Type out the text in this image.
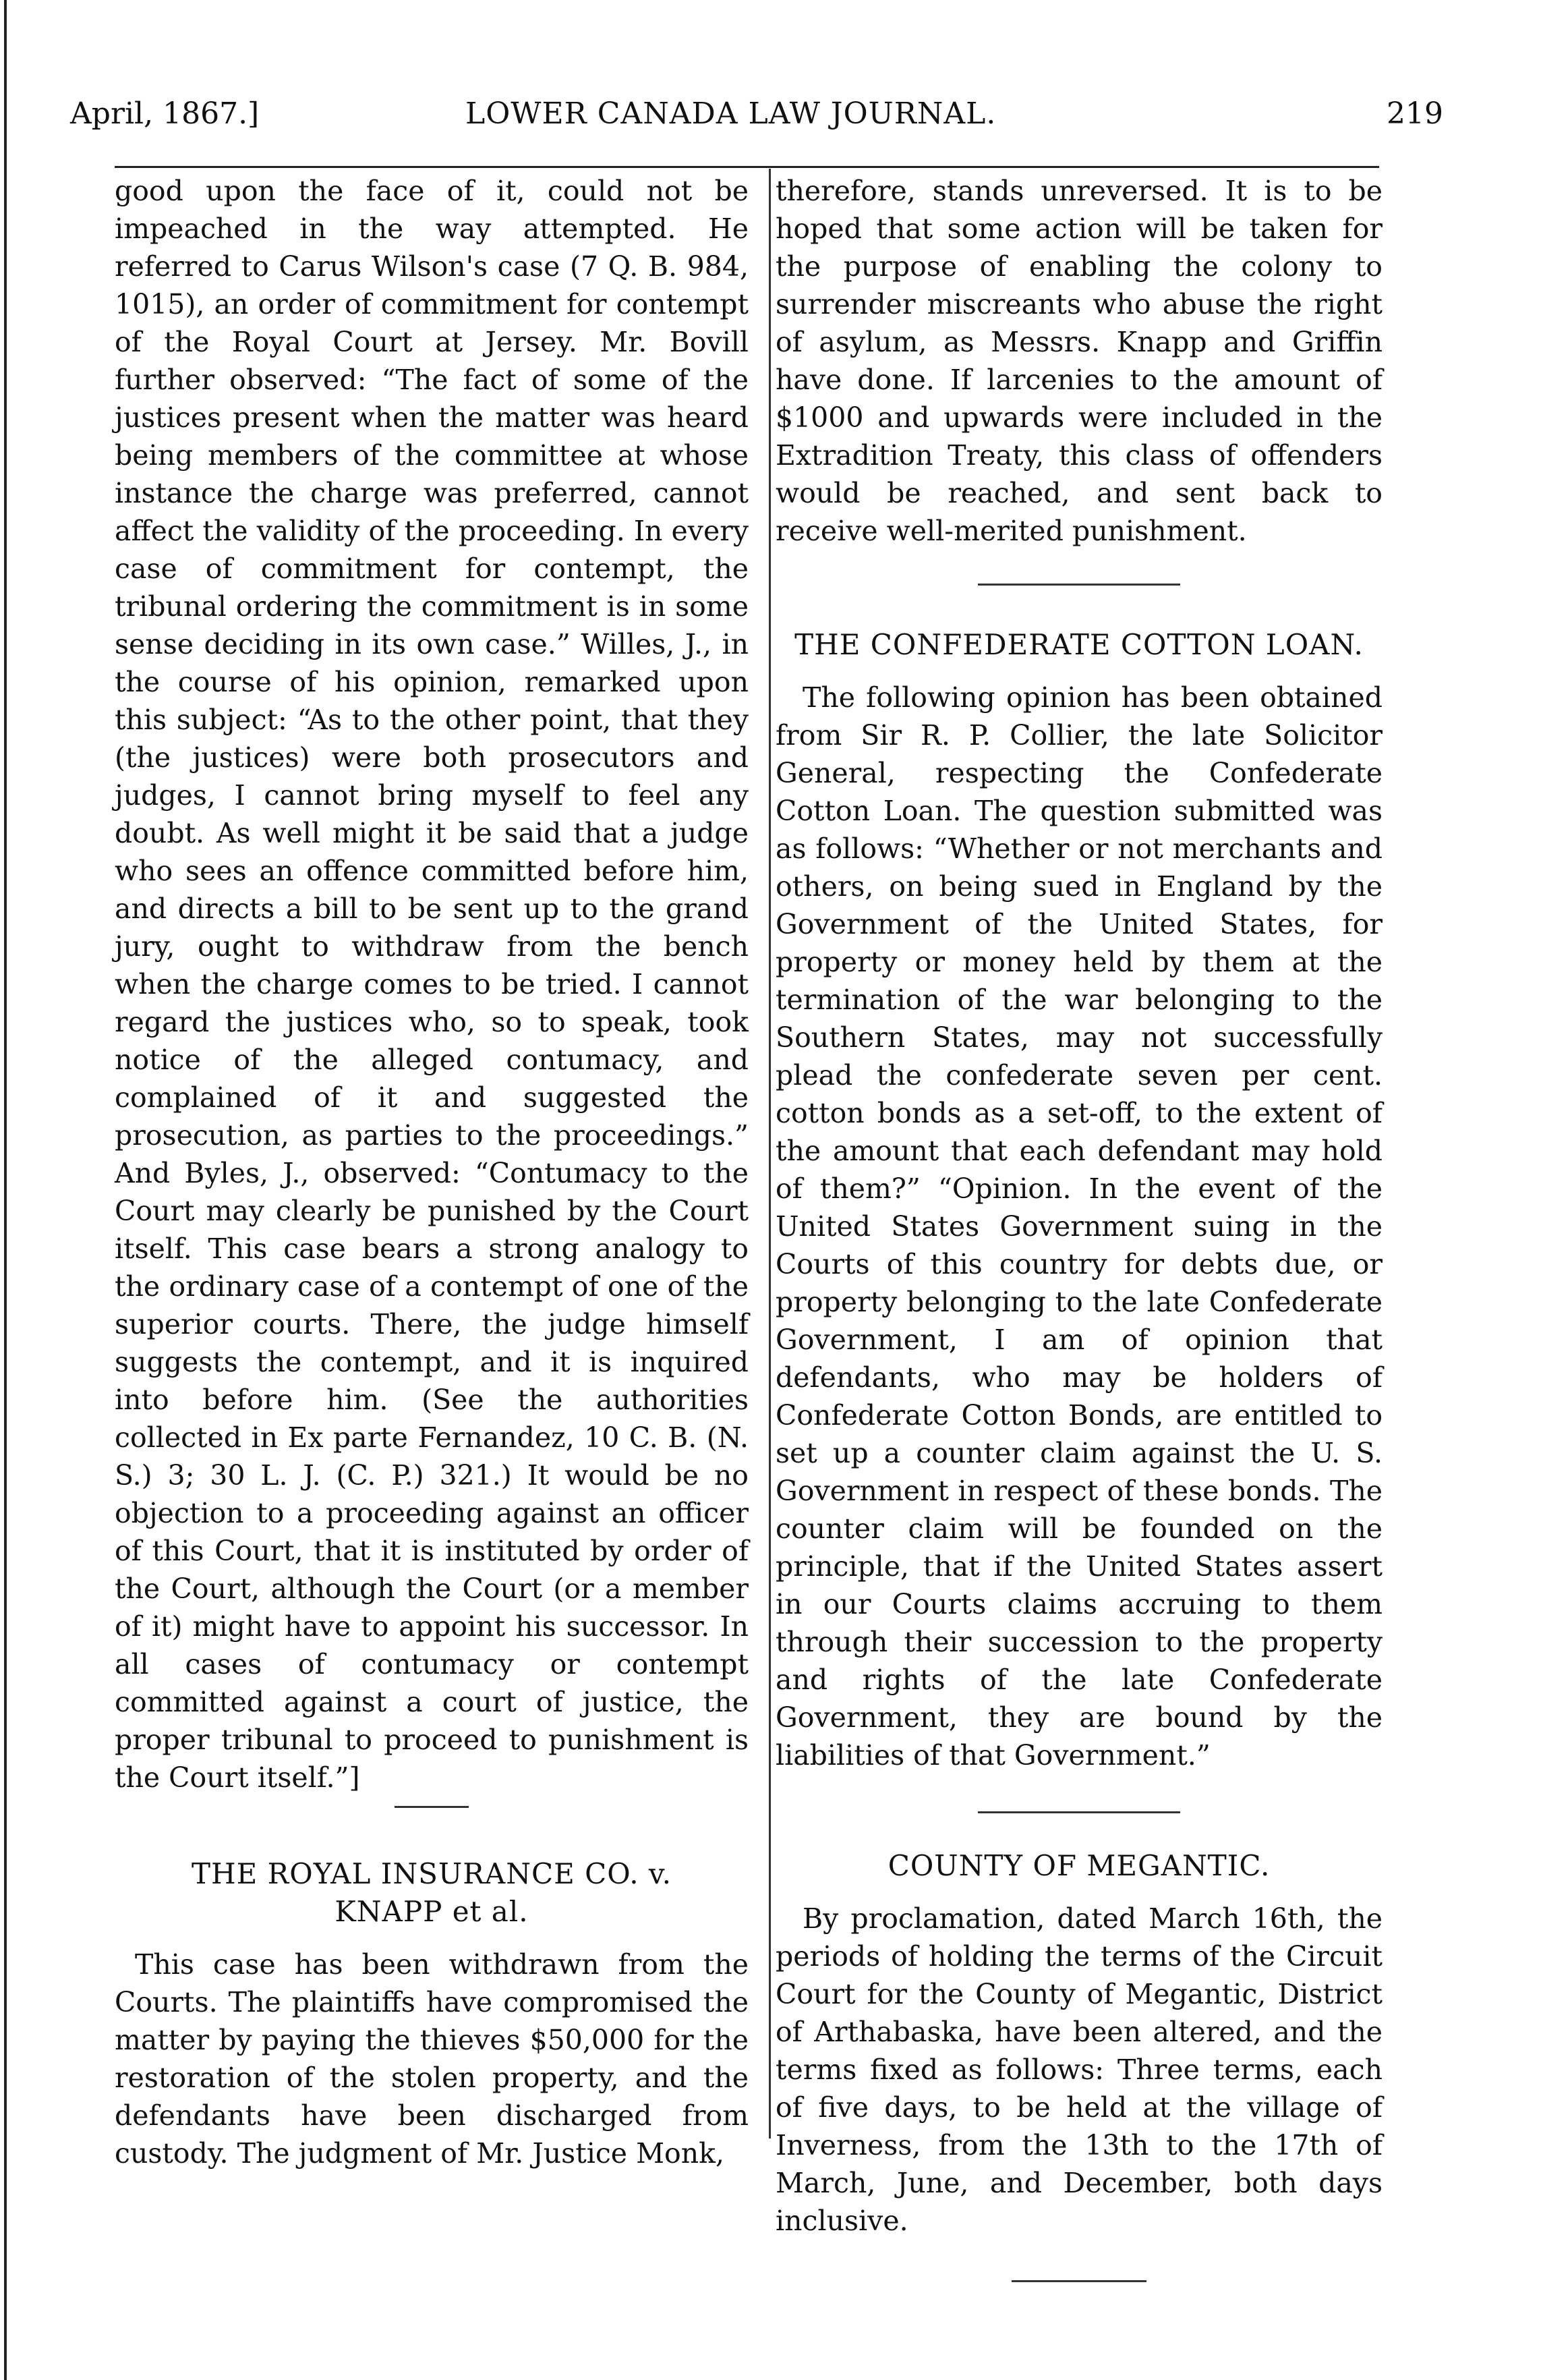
April, 1867.]	LOWER CANADA LAW JOURNAL.	219

good upon the face of it, could not be impeached in the way attempted. He referred to Carus Wilson's case (7 Q. B. 984, 1015), an order of commitment for contempt of the Royal Court at Jersey. Mr. Bovill further observed: “The fact of some of the justices present when the matter was heard being members of the committee at whose instance the charge was preferred, cannot affect the validity of the proceeding. In every case of commitment for contempt, the tribunal ordering the commitment is in some sense deciding in its own case.” Willes, J., in the course of his opinion, remarked upon this subject: “As to the other point, that they (the justices) were both prosecutors and judges, I cannot bring myself to feel any doubt. As well might it be said that a judge who sees an offence committed before him, and directs a bill to be sent up to the grand jury, ought to withdraw from the bench when the charge comes to be tried. I cannot regard the justices who, so to speak, took notice of the alleged contumacy, and complained of it and suggested the prosecution, as parties to the proceedings.” And Byles, J., observed: “Contumacy to the Court may clearly be punished by the Court itself. This case bears a strong analogy to the ordinary case of a contempt of one of the superior courts. There, the judge himself suggests the contempt, and it is inquired into before him. (See the authorities collected in Ex parte Fernandez, 10 C. B. (N. S.) 3; 30 L. J. (C. P.) 321.) It would be no objection to a proceeding against an officer of this Court, that it is instituted by order of the Court, although the Court (or a member of it) might have to appoint his successor. In all cases of contumacy or contempt committed against a court of justice, the proper tribunal to proceed to punishment is the Court itself.”]

THE ROYAL INSURANCE CO. v.
KNAPP et al.

This case has been withdrawn from the Courts. The plaintiffs have compromised the matter by paying the thieves $50,000 for the restoration of the stolen property, and the defendants have been discharged from custody. The judgment of Mr. Justice Monk,

therefore, stands unreversed. It is to be hoped that some action will be taken for the purpose of enabling the colony to surrender miscreants who abuse the right of asylum, as Messrs. Knapp and Griffin have done. If larcenies to the amount of $1000 and upwards were included in the Extradition Treaty, this class of offenders would be reached, and sent back to receive well-merited punishment.

THE CONFEDERATE COTTON LOAN.

The following opinion has been obtained from Sir R. P. Collier, the late Solicitor General, respecting the Confederate Cotton Loan. The question submitted was as follows: “Whether or not merchants and others, on being sued in England by the Government of the United States, for property or money held by them at the termination of the war belonging to the Southern States, may not successfully plead the confederate seven per cent. cotton bonds as a set-off, to the extent of the amount that each defendant may hold of them?” “Opinion. In the event of the United States Government suing in the Courts of this country for debts due, or property belonging to the late Confederate Government, I am of opinion that defendants, who may be holders of Confederate Cotton Bonds, are entitled to set up a counter claim against the U. S. Government in respect of these bonds. The counter claim will be founded on the principle, that if the United States assert in our Courts claims accruing to them through their succession to the property and rights of the late Confederate Government, they are bound by the liabilities of that Government.”

COUNTY OF MEGANTIC.

By proclamation, dated March 16th, the periods of holding the terms of the Circuit Court for the County of Megantic, District of Arthabaska, have been altered, and the terms fixed as follows: Three terms, each of five days, to be held at the village of Inverness, from the 13th to the 17th of March, June, and December, both days inclusive.
